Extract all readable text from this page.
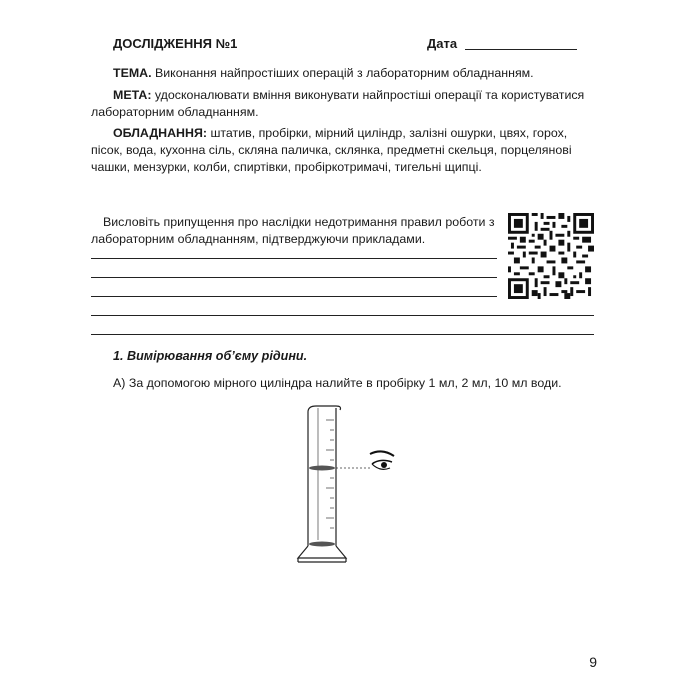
ДОСЛІДЖЕННЯ №1	Дата
ТЕМА. Виконання найпростіших операцій з лабораторним обладнанням.
МЕТА: удосконалювати вміння виконувати найпростіші операції та користуватися
лабораторним обладнанням.
ОБЛАДНАННЯ: штатив, пробірки, мірний циліндр, залізні ошурки, цвях, горох,
пісок, вода, кухонна сіль, скляна паличка, склянка, предметні скельця, порцелянові
чашки, мензурки, колби, спиртівки, пробіркотримачі, тигельні щипці.
Висловіть припущення про наслідки недотримання правил роботи з
лабораторним обладнанням, підтверджуючи прикладами.
1. Вимірювання об’єму рідини.
А) За допомогою мірного циліндра налийте в пробірку 1 мл, 2 мл, 10 мл води.
9
